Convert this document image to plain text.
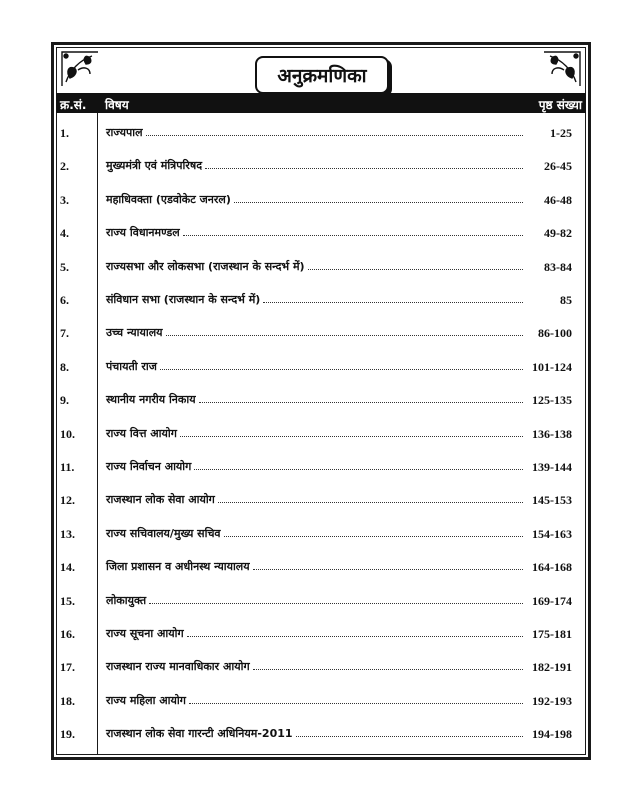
अनुक्रमणिका
क्र.सं. विषय	पृष्ठ संख्या
1.	राज्यपाल	1-25
2.	मुख्यमंत्री एवं मंत्रिपरिषद	26-45
3.	महाधिवक्ता (एडवोकेट जनरल)	46-48
4.	राज्य विधानमण्डल	49-82
5.	राज्यसभा और लोकसभा (राजस्थान के सन्दर्भ में)	83-84
6.	संविधान सभा (राजस्थान के सन्दर्भ में)	85
7.	उच्च न्यायालय	86-100
8.	पंचायती राज	101-124
9.	स्थानीय नगरीय निकाय	125-135
10.	राज्य वित्त आयोग	136-138
11.	राज्य निर्वाचन आयोग	139-144
12.	राजस्थान लोक सेवा आयोग	145-153
13.	राज्य सचिवालय/मुख्य सचिव	154-163
14.	जिला प्रशासन व अधीनस्थ न्यायालय	164-168
15.	लोकायुक्त	169-174
16.	राज्य सूचना आयोग	175-181
17.	राजस्थान राज्य मानवाधिकार आयोग	182-191
18.	राज्य महिला आयोग	192-193
19.	राजस्थान लोक सेवा गारन्टी अधिनियम-2011	194-198
